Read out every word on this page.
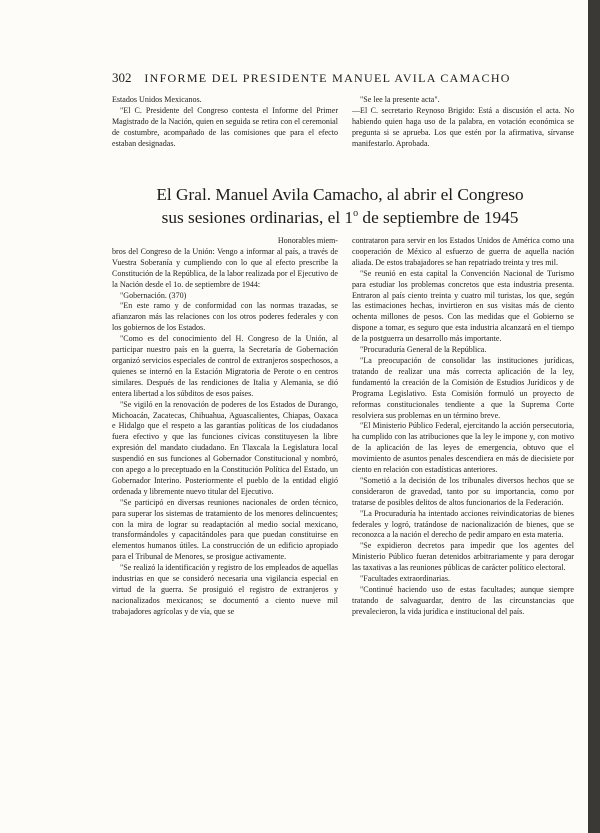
302 INFORME DEL PRESIDENTE MANUEL AVILA CAMACHO

Estados Unidos Mexicanos.

"El C. Presidente del Congreso contesta el Informe del Primer Magistrado de la Nación, quien en seguida se retira con el ceremonial de costumbre, acompañado de las comisiones que para el efecto estaban designadas.

"Se lee la presente acta".

—El C. secretario Reynoso Brigido: Está a discusión el acta. No habiendo quien haga uso de la palabra, en votación económica se pregunta si se aprueba. Los que estén por la afirmativa, sírvanse manifestarlo. Aprobada.

El Gral. Manuel Avila Camacho, al abrir el Congreso
sus sesiones ordinarias, el 1$^o$ de septiembre de 1945

Honorables miem-

bros del Congreso de la Unión: Vengo a informar al país, a través de Vuestra Soberanía y cumpliendo con lo que al efecto prescribe la Constitución de la República, de la labor realizada por el Ejecutivo de la Nación desde el 1o. de septiembre de 1944:

"Gobernación. (370)

"En este ramo y de conformidad con las normas trazadas, se afianzaron más las relaciones con los otros poderes federales y con los gobiernos de los Estados.

"Como es del conocimiento del H. Congreso de la Unión, al participar nuestro país en la guerra, la Secretaría de Gobernación organizó servicios especiales de control de extranjeros sospechosos, a quienes se internó en la Estación Migratoria de Perote o en centros similares. Después de las rendiciones de Italia y Alemania, se dió entera libertad a los súbditos de esos países.

"Se vigiló en la renovación de poderes de los Estados de Durango, Michoacán, Zacatecas, Chihuahua, Aguascalientes, Chiapas, Oaxaca e Hidalgo que el respeto a las garantías políticas de los ciudadanos fuera efectivo y que las funciones cívicas constituyesen la libre expresión del mandato ciudadano. En Tlaxcala la Legislatura local suspendió en sus funciones al Gobernador Constitucional y nombró, con apego a lo preceptuado en la Constitución Política del Estado, un Gobernador Interino. Posteriormente el pueblo de la entidad eligió ordenada y libremente nuevo titular del Ejecutivo.

"Se participó en diversas reuniones nacionales de orden técnico, para superar los sistemas de tratamiento de los menores delincuentes; con la mira de lograr su readaptación al medio social mexicano, transformándoles y capacitándoles para que puedan constituirse en elementos humanos útiles. La construcción de un edificio apropiado para el Tribunal de Menores, se prosigue activamente.

"Se realizó la identificación y registro de los empleados de aquellas industrias en que se consideró necesaria una vigilancia especial en virtud de la guerra. Se prosiguió el registro de extranjeros y nacionalizados mexicanos; se documentó a ciento nueve mil trabajadores agrícolas y de vía, que se

contrataron para servir en los Estados Unidos de América como una cooperación de México al esfuerzo de guerra de aquella nación aliada. De estos trabajadores se han repatriado treinta y tres mil.

"Se reunió en esta capital la Convención Nacional de Turismo para estudiar los problemas concretos que esta industria presenta. Entraron al país ciento treinta y cuatro mil turistas, los que, según las estimaciones hechas, invirtieron en sus visitas más de ciento ochenta millones de pesos. Con las medidas que el Gobierno se dispone a tomar, es seguro que esta industria alcanzará en el tiempo de la postguerra un desarrollo más importante.

"Procuraduría General de la República.

"La preocupación de consolidar las instituciones jurídicas, tratando de realizar una más correcta aplicación de la ley, fundamentó la creación de la Comisión de Estudios Jurídicos y de Programa Legislativo. Esta Comisión formuló un proyecto de reformas constitucionales tendiente a que la Suprema Corte resolviera sus problemas en un término breve.

"El Ministerio Público Federal, ejercitando la acción persecutoria, ha cumplido con las atribuciones que la ley le impone y, con motivo de la aplicación de las leyes de emergencia, obtuvo que el movimiento de asuntos penales descendiera en más de diecisiete por ciento en relación con estadísticas anteriores.

"Sometió a la decisión de los tribunales diversos hechos que se consideraron de gravedad, tanto por su importancia, como por tratarse de posibles delitos de altos funcionarios de la Federación.

"La Procuraduría ha intentado acciones reivindicatorias de bienes federales y logró, tratándose de nacionalización de bienes, que se reconozca a la nación el derecho de pedir amparo en esta materia.

"Se expidieron decretos para impedir que los agentes del Ministerio Público fueran detenidos arbitrariamente y para derogar las taxativas a las reuniones públicas de carácter político electoral.

"Facultades extraordinarias.

"Continué haciendo uso de estas facultades; aunque siempre tratando de salvaguardar, dentro de las circunstancias que prevalecieron, la vida jurídica e institucional del país.
